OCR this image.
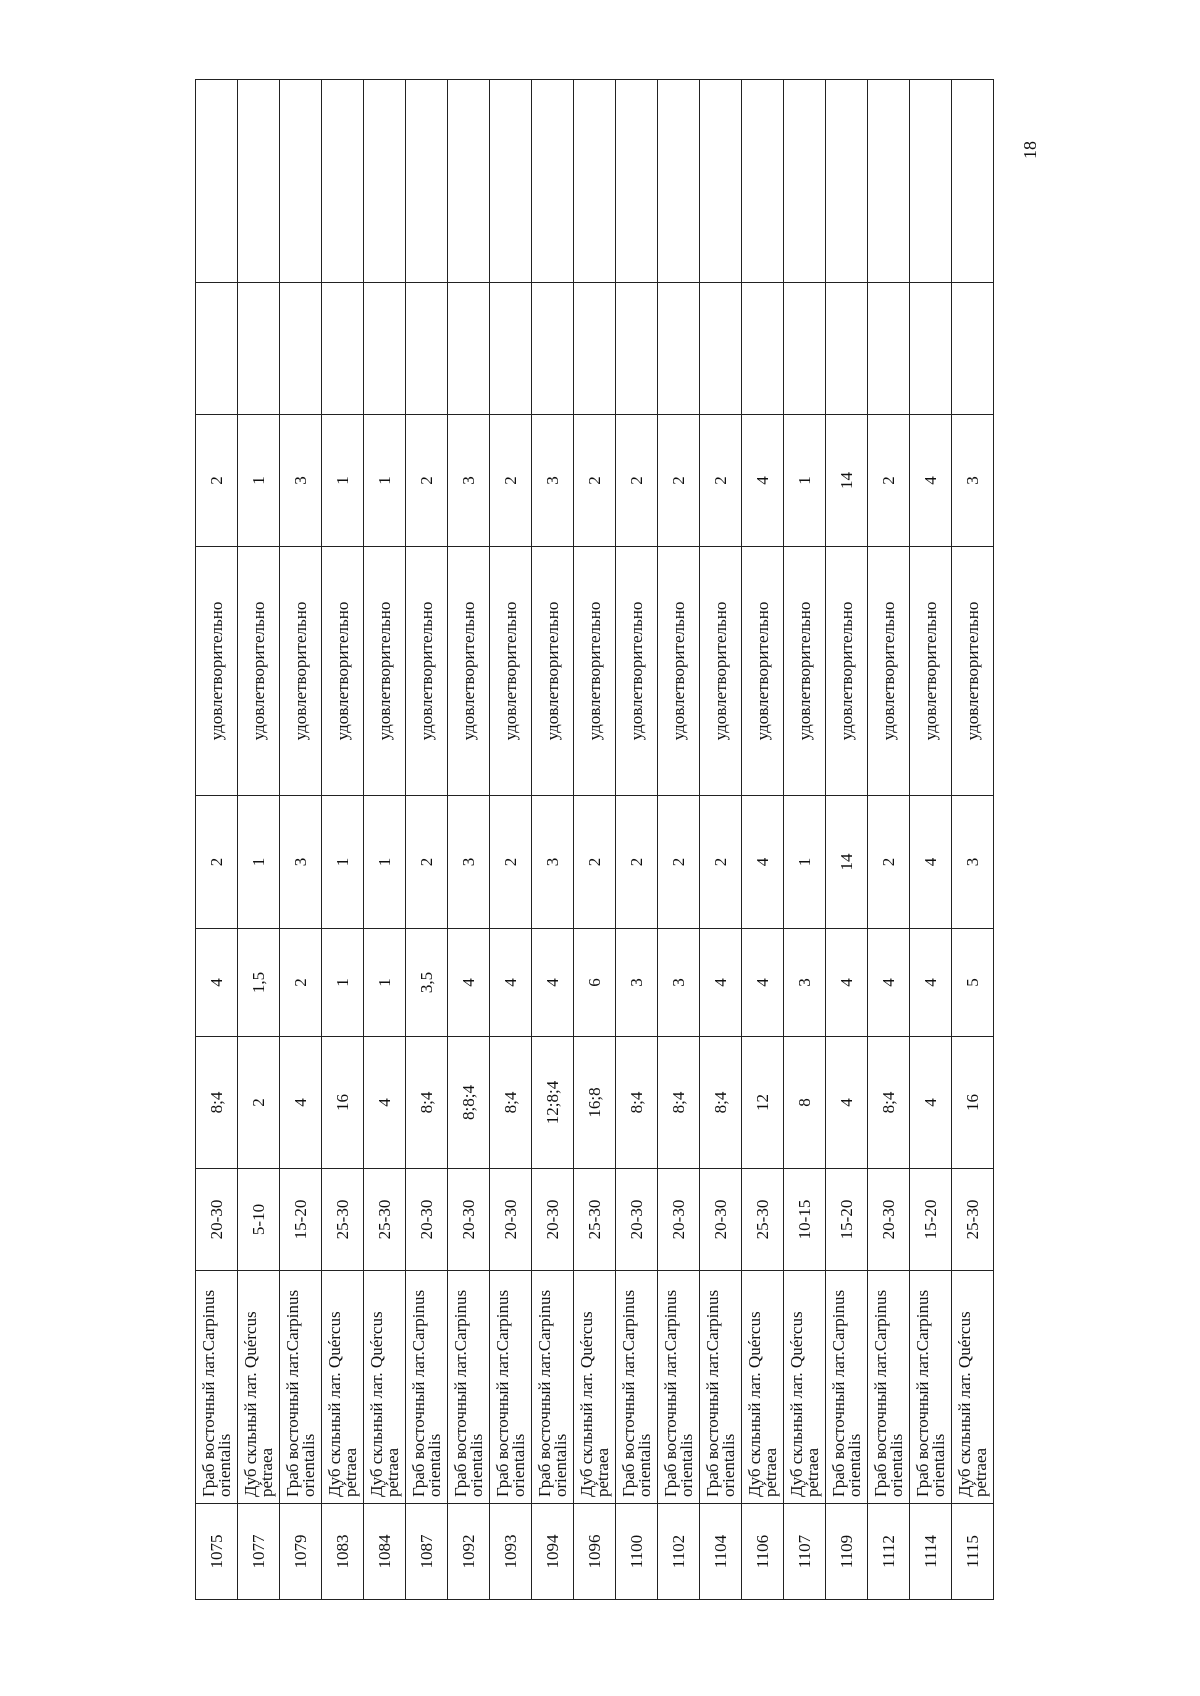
1075	Граб восточный лат.Carpinus orientalis	20-30	8;4	4	2	удовлетворительно	2		
1077	Дуб скльный лат. Quércus pétraea	5-10	2	1,5	1	удовлетворительно	1		
1079	Граб восточный лат.Carpinus orientalis	15-20	4	2	3	удовлетворительно	3		
1083	Дуб скльный лат. Quércus pétraea	25-30	16	1	1	удовлетворительно	1		
1084	Дуб скльный лат. Quércus pétraea	25-30	4	1	1	удовлетворительно	1		
1087	Граб восточный лат.Carpinus orientalis	20-30	8;4	3,5	2	удовлетворительно	2		
1092	Граб восточный лат.Carpinus orientalis	20-30	8;8;4	4	3	удовлетворительно	3		
1093	Граб восточный лат.Carpinus orientalis	20-30	8;4	4	2	удовлетворительно	2		
1094	Граб восточный лат.Carpinus orientalis	20-30	12;8;4	4	3	удовлетворительно	3		
1096	Дуб скльный лат. Quércus pétraea	25-30	16;8	6	2	удовлетворительно	2		
1100	Граб восточный лат.Carpinus orientalis	20-30	8;4	3	2	удовлетворительно	2		
1102	Граб восточный лат.Carpinus orientalis	20-30	8;4	3	2	удовлетворительно	2		
1104	Граб восточный лат.Carpinus orientalis	20-30	8;4	4	2	удовлетворительно	2		
1106	Дуб скльный лат. Quércus pétraea	25-30	12	4	4	удовлетворительно	4		
1107	Дуб скльный лат. Quércus pétraea	10-15	8	3	1	удовлетворительно	1		
1109	Граб восточный лат.Carpinus orientalis	15-20	4	4	14	удовлетворительно	14		
1112	Граб восточный лат.Carpinus orientalis	20-30	8;4	4	2	удовлетворительно	2		
1114	Граб восточный лат.Carpinus orientalis	15-20	4	4	4	удовлетворительно	4		
1115	Дуб скльный лат. Quércus pétraea	25-30	16	5	3	удовлетворительно	3		
18
